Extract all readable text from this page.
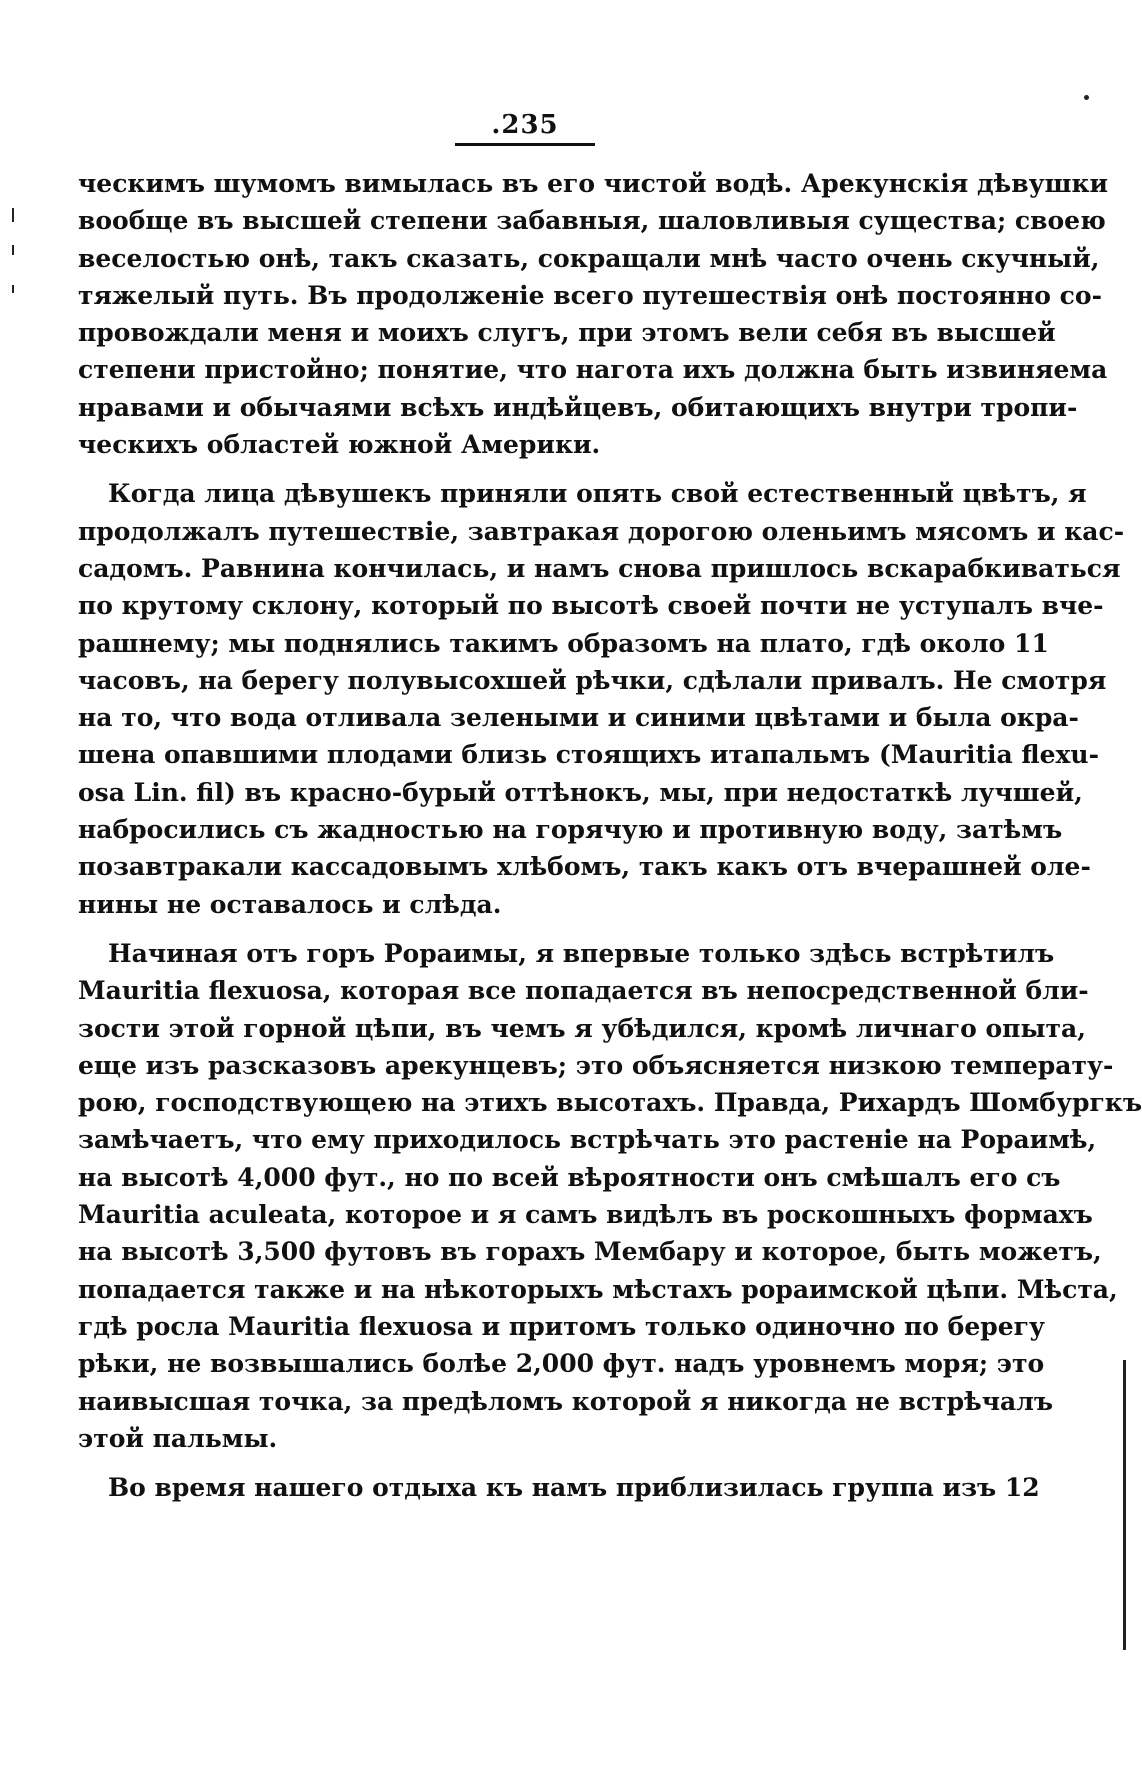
.235
ческимъ шумомъ вимылась въ его чистой водѣ. Арекунскія дѣвушки
вообще въ высшей степени забавныя, шаловливыя существа; своею
веселостью онѣ, такъ сказать, сокращали мнѣ часто очень скучный,
тяжелый путь. Въ продолженіе всего путешествія онѣ постоянно со-
провождали меня и моихъ слугъ, при этомъ вели себя въ высшей
степени пристойно; понятие, что нагота ихъ должна быть извиняема
нравами и обычаями всѣхъ индѣйцевъ, обитающихъ внутри тропи-
ческихъ областей южной Америки.
Когда лица дѣвушекъ приняли опять свой естественный цвѣтъ, я
продолжалъ путешествіе, завтракая дорогою оленьимъ мясомъ и кас-
садомъ. Равнина кончилась, и намъ снова пришлось вскарабкиваться
по крутому склону, который по высотѣ своей почти не уступалъ вче-
рашнему; мы поднялись такимъ образомъ на плато, гдѣ около 11
часовъ, на берегу полувысохшей рѣчки, сдѣлали привалъ. Не смотря
на то, что вода отливала зелеными и синими цвѣтами и была окра-
шена опавшими плодами близь стоящихъ итапальмъ (Mauritia flexu-
osa Lin. fil) въ красно-бурый оттѣнокъ, мы, при недостаткѣ лучшей,
набросились съ жадностью на горячую и противную воду, затѣмъ
позавтракали кассадовымъ хлѣбомъ, такъ какъ отъ вчерашней оле-
нины не оставалось и слѣда.
Начиная отъ горъ Рораимы, я впервые только здѣсь встрѣтилъ
Mauritia flexuosa, которая все попадается въ непосредственной бли-
зости этой горной цѣпи, въ чемъ я убѣдился, кромѣ личнаго опыта,
еще изъ разсказовъ арекунцевъ; это объясняется низкою температу-
рою, господствующею на этихъ высотахъ. Правда, Рихардъ Шомбургкъ
замѣчаетъ, что ему приходилось встрѣчать это растеніе на Рораимѣ,
на высотѣ 4,000 фут., но по всей вѣроятности онъ смѣшалъ его съ
Mauritia aculeata, которое и я самъ видѣлъ въ роскошныхъ формахъ
на высотѣ 3,500 футовъ въ горахъ Мембару и которое, быть можетъ,
попадается также и на нѣкоторыхъ мѣстахъ рораимской цѣпи. Мѣста,
гдѣ росла Mauritia flexuosa и притомъ только одиночно по берегу
рѣки, не возвышались болѣе 2,000 фут. надъ уровнемъ моря; это
наивысшая точка, за предѣломъ которой я никогда не встрѣчалъ
этой пальмы.
Во время нашего отдыха къ намъ приблизилась группа изъ 12
